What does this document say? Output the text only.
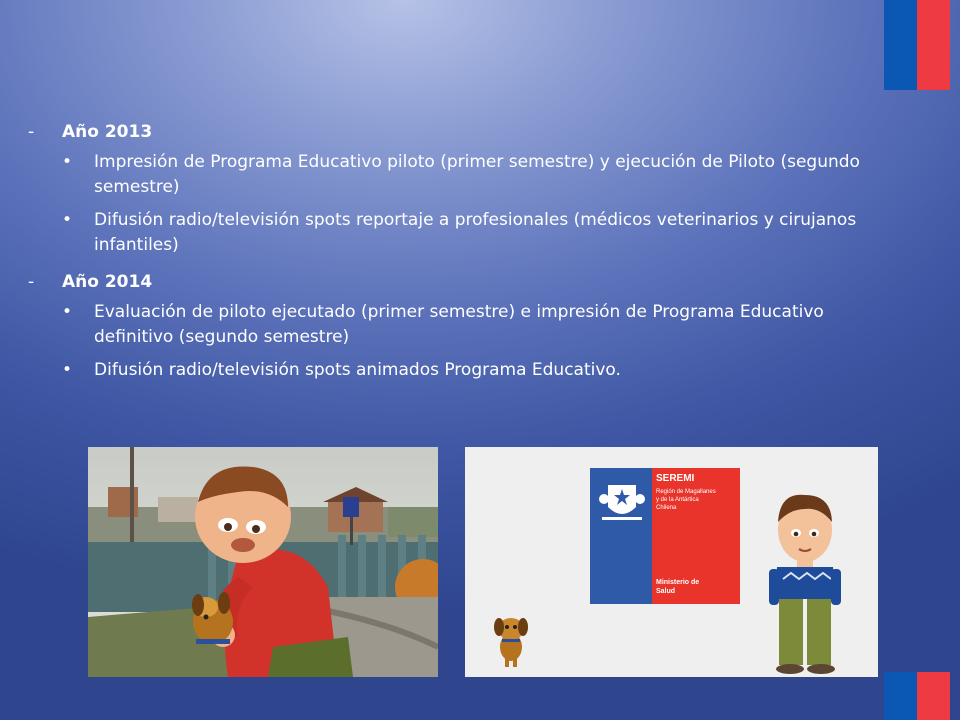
-	Año 2013
• Impresión de Programa Educativo piloto (primer semestre) y ejecución de Piloto (segundo semestre)
• Difusión radio/televisión spots reportaje a profesionales (médicos veterinarios y cirujanos infantiles)
-	Año 2014
• Evaluación de piloto ejecutado (primer semestre) e impresión de Programa Educativo definitivo (segundo semestre)
• Difusión radio/televisión spots animados Programa Educativo.
SEREMI
Región de Magallanes
y de la Antártica
Chilena
Ministerio de
Salud
